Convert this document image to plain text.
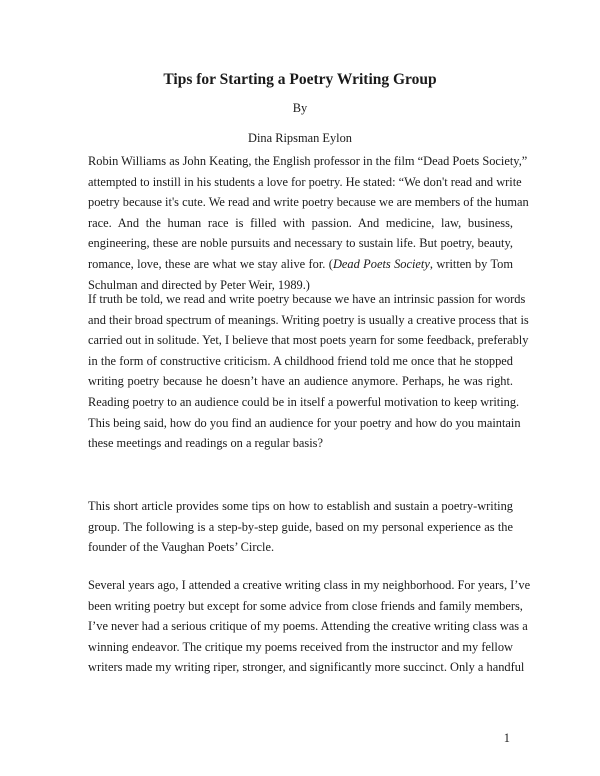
Tips for Starting a Poetry Writing Group

By

Dina Ripsman Eylon

Robin Williams as John Keating, the English professor in the film “Dead Poets Society,”
attempted to instill in his students a love for poetry. He stated: “We don't read and write
poetry because it's cute. We read and write poetry because we are members of the human
race. And the human race is filled with passion. And medicine, law, business,
engineering, these are noble pursuits and necessary to sustain life. But poetry, beauty,
romance, love, these are what we stay alive for. (Dead Poets Society, written by Tom
Schulman and directed by Peter Weir, 1989.)

If truth be told, we read and write poetry because we have an intrinsic passion for words
and their broad spectrum of meanings. Writing poetry is usually a creative process that is
carried out in solitude. Yet, I believe that most poets yearn for some feedback, preferably
in the form of constructive criticism. A childhood friend told me once that he stopped
writing poetry because he doesn’t have an audience anymore. Perhaps, he was right.
Reading poetry to an audience could be in itself a powerful motivation to keep writing.
This being said, how do you find an audience for your poetry and how do you maintain
these meetings and readings on a regular basis?

This short article provides some tips on how to establish and sustain a poetry-writing
group. The following is a step-by-step guide, based on my personal experience as the
founder of the Vaughan Poets’ Circle.

Several years ago, I attended a creative writing class in my neighborhood. For years, I’ve
been writing poetry but except for some advice from close friends and family members,
I’ve never had a serious critique of my poems. Attending the creative writing class was a
winning endeavor. The critique my poems received from the instructor and my fellow
writers made my writing riper, stronger, and significantly more succinct. Only a handful

1
